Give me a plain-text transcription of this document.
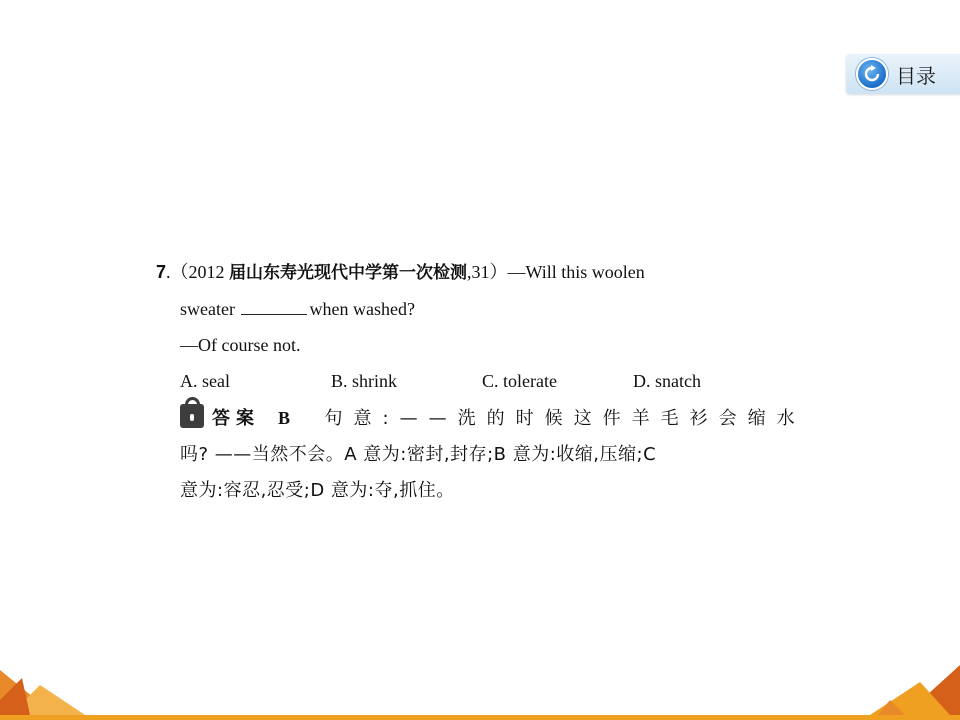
目录
7.（2012 届山东寿光现代中学第一次检测,31）—Will this woolen
sweater	when washed?
—Of course not.
A. seal	B. shrink	C. tolerate	D. snatch
答案 B 句意:——洗的时候这件羊毛衫会缩水
吗? ——当然不会。A 意为:密封,封存;B 意为:收缩,压缩;C
意为:容忍,忍受;D 意为:夺,抓住。
